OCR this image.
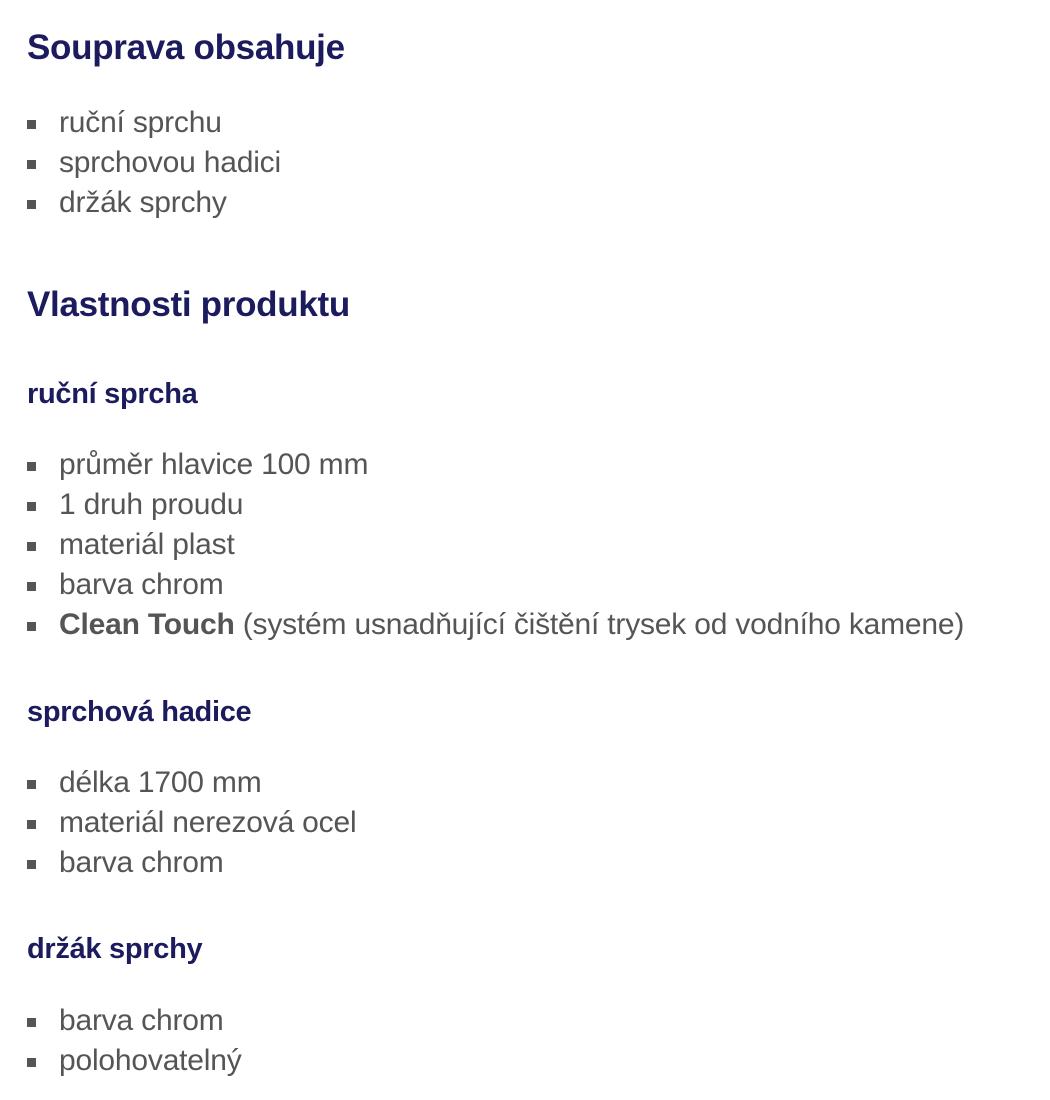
Souprava obsahuje
ruční sprchu
sprchovou hadici
držák sprchy
Vlastnosti produktu
ruční sprcha
průměr hlavice 100 mm
1 druh proudu
materiál plast
barva chrom
Clean Touch (systém usnadňující čištění trysek od vodního kamene)
sprchová hadice
délka 1700 mm
materiál nerezová ocel
barva chrom
držák sprchy
barva chrom
polohovatelný
